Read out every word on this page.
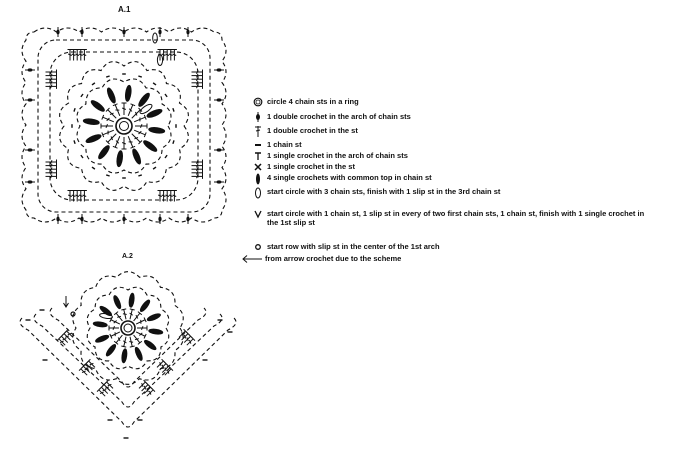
A.1
A.2
circle 4 chain sts in a ring
1 double crochet in the arch of chain sts
1 double crochet in the st
1 chain st
1 single crochet in the arch of chain sts
1 single crochet in the st
4 single crochets with common top in chain st
start circle with 3 chain sts, finish with 1 slip st in the 3rd chain st
start circle with 1 chain st, 1 slip st in every of two first chain sts, 1 chain st, finish with 1 single crochet in the 1st slip st
start row with slip st in the center of the 1st arch
from arrow crochet due to the scheme
